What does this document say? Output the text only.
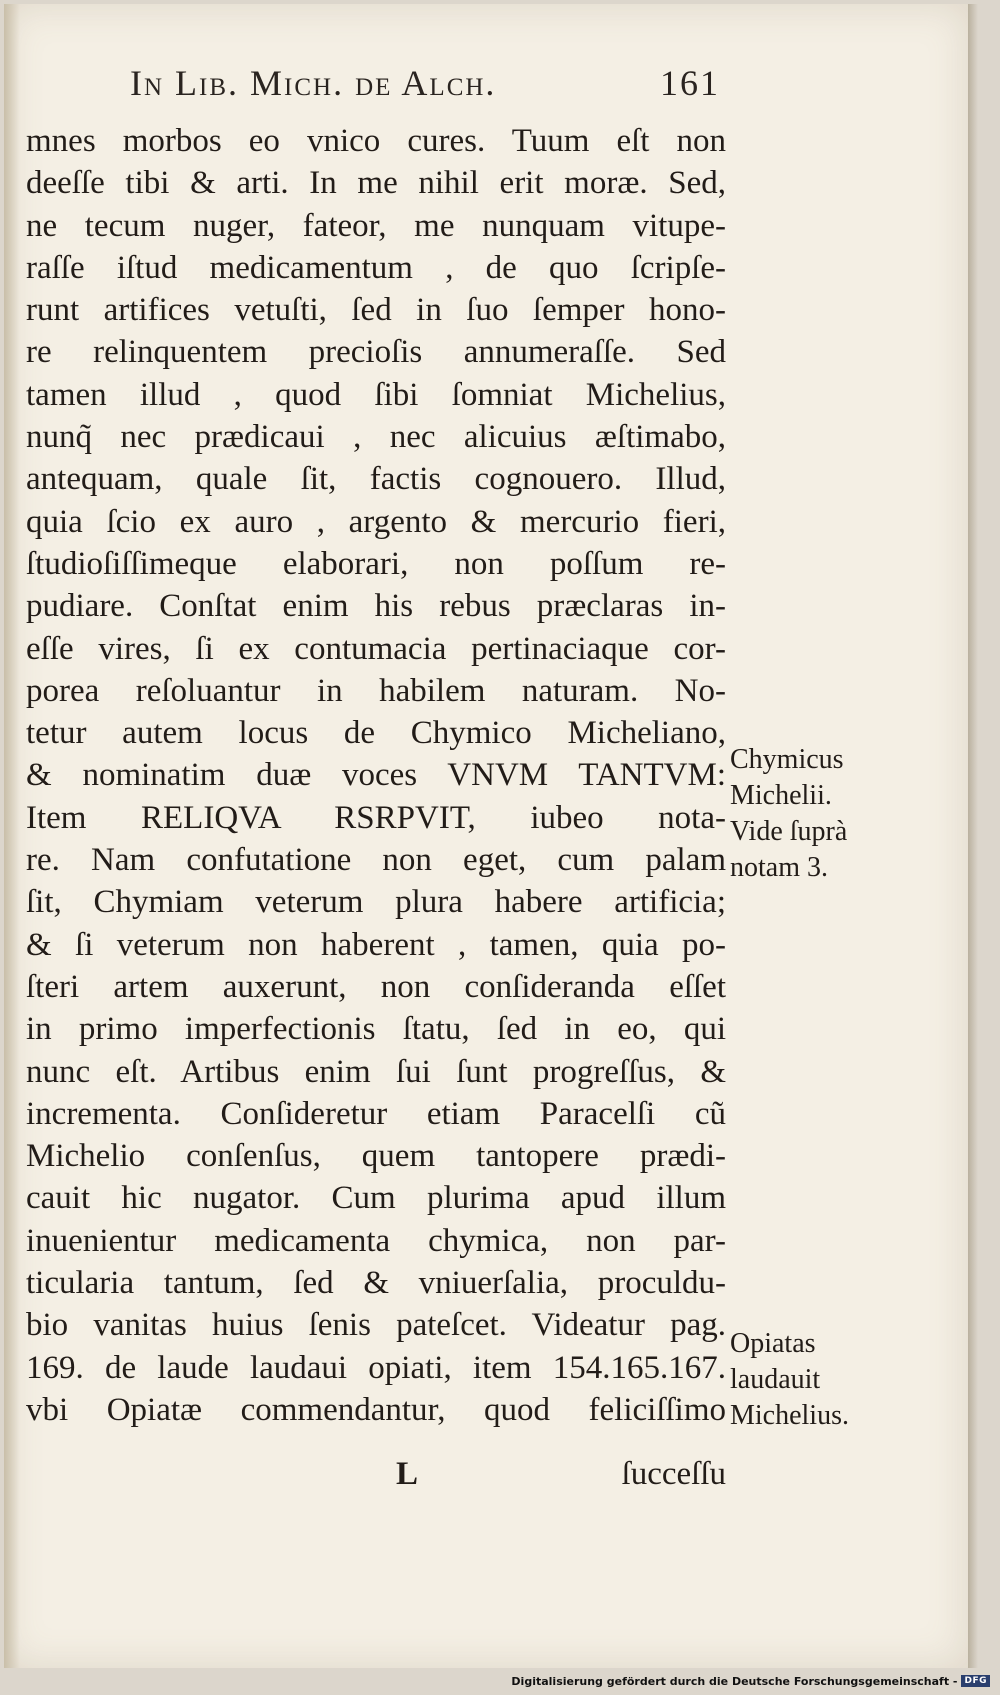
In Lib. Mich. de Alch.	161
mnes morbos eo vnico cures. Tuum eſt non
deeſſe tibi & arti. In me nihil erit moræ. Sed,
ne tecum nuger, fateor, me nunquam vitupe-
raſſe iſtud medicamentum , de quo ſcripſe-
runt artifices vetuſti, ſed in ſuo ſemper hono-
re relinquentem precioſis annumeraſſe. Sed
tamen illud , quod ſibi ſomniat Michelius,
nunq̃ nec prædicaui , nec alicuius æſtimabo,
antequam, quale ſit, factis cognouero. Illud,
quia ſcio ex auro , argento & mercurio fieri,
ſtudioſiſſimeque elaborari, non poſſum re-
pudiare. Conſtat enim his rebus præclaras in-
eſſe vires, ſi ex contumacia pertinaciaque cor-
porea reſoluantur in habilem naturam. No-
tetur autem locus de Chymico Micheliano,
& nominatim duæ voces VNVM TANTVM:
Item RELIQVA RSRPVIT, iubeo nota-
re. Nam confutatione non eget, cum palam
ſit, Chymiam veterum plura habere artificia;
& ſi veterum non haberent , tamen, quia po-
ſteri artem auxerunt, non conſideranda eſſet
in primo imperfectionis ſtatu, ſed in eo, qui
nunc eſt. Artibus enim ſui ſunt progreſſus, &
incrementa. Conſideretur etiam Paracelſi cũ
Michelio conſenſus, quem tantopere prædi-
cauit hic nugator. Cum plurima apud illum
inuenientur medicamenta chymica, non par-
ticularia tantum, ſed & vniuerſalia, proculdu-
bio vanitas huius ſenis pateſcet. Videatur pag.
169. de laude laudaui opiati, item 154.165.167.
vbi Opiatæ commendantur, quod feliciſſimo
Chymicus
Michelii.
Vide ſuprà
notam 3.
Opiatas
laudauit
Michelius.
L	ſucceſſu
Digitalisierung gefördert durch die Deutsche Forschungsgemeinschaft - DFG
